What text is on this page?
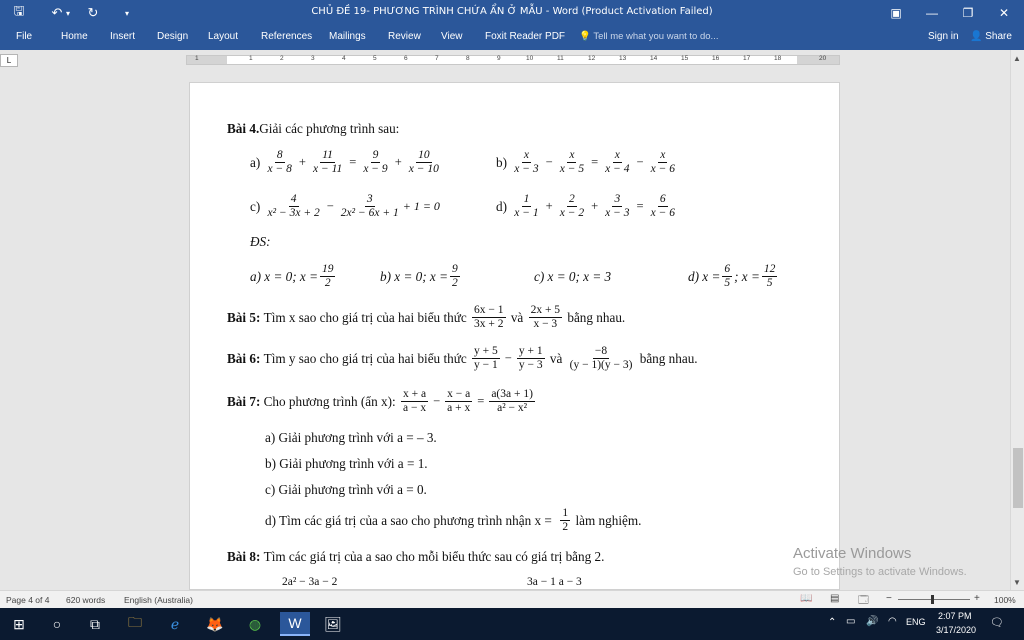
🖫	↶ ▾	↻	▾	CHỦ ĐỀ 19- PHƯƠNG TRÌNH CHỨA ẨN Ở MẪU - Word (Product Activation Failed)	▣	—	❐	✕
File	Home Insert Design Layout References Mailings Review View Foxit Reader PDF 💡 Tell me what you want to do...	Sign in 👤 Share
L	1	1	2	3	4	5	6	7	8	9	10	11	12	13	14	15	16	17	18	20	▲
▼
Bài 4. Giải các phương trình sau:
a)
$\frac{8}{x - 8} + \frac{11}{x - 11} = \frac{9}{x - 9} + \frac{10}{x - 10}$	b)
$\frac{x}{x - 3} - \frac{x}{x - 5} = \frac{x}{x - 4} - \frac{x}{x - 6}$
c)
$\frac{4}{\text{x² − 3x + 2}} - \frac{3}{\text{2x² − 6x + 1}} + 1 = 0$	d)
$\frac{1}{x - 1} + \frac{2}{x - 2} + \frac{3}{x - 3} = \frac{6}{x - 6}$
ĐS:
a)
x = 0; $x = \frac{19}{2}$	b)
x = 0; $x = \frac{9}{2}$	c)
x = 0; x = 3	d)
$x = \frac{6}{5}$ ; $x = \frac{12}{5}$
Bài 5:
Tìm x sao cho giá trị của hai biểu thức
$\frac{6x - 1}{3x + 2}$
và
$\frac{2x + 5}{x - 3}$
bằng nhau.
Bài 6:
Tìm y sao cho giá trị của hai biểu thức
$\frac{y + 5}{y - 1} - \frac{y + 1}{y - 3}$
và
$\frac{-8}{(y - 1)(y - 3)}$
bằng nhau.
Bài 7:
Cho phương trình (ẩn x):
$\frac{x + a}{a - x} - \frac{x - a}{a + x} = \frac{a(3a + 1)}{\text{a² − x²}}$
a) Giải phương trình với a = – 3.
b) Giải phương trình với a = 1.
c) Giải phương trình với a = 0.
d) Tìm các giá trị của a sao cho phương trình nhận x =
$\frac{1}{2}$
làm nghiệm.
Bài 8:
Tìm các giá trị của a sao cho mỗi biểu thức sau có giá trị bằng 2.
2a² − 3a − 2	3a − 1 a − 3
Activate Windows
Go to Settings to activate Windows.
Page 4 of 4 620 words English (Australia)	📖 ▤ 🗔 −	+ 100%
⊞	○	⧉	🗀	ℯ	🦊	◍	W	🖼	⌃ ▭ 🔊 ◠ ENG
2:07 PM
3/17/2020
🗨
